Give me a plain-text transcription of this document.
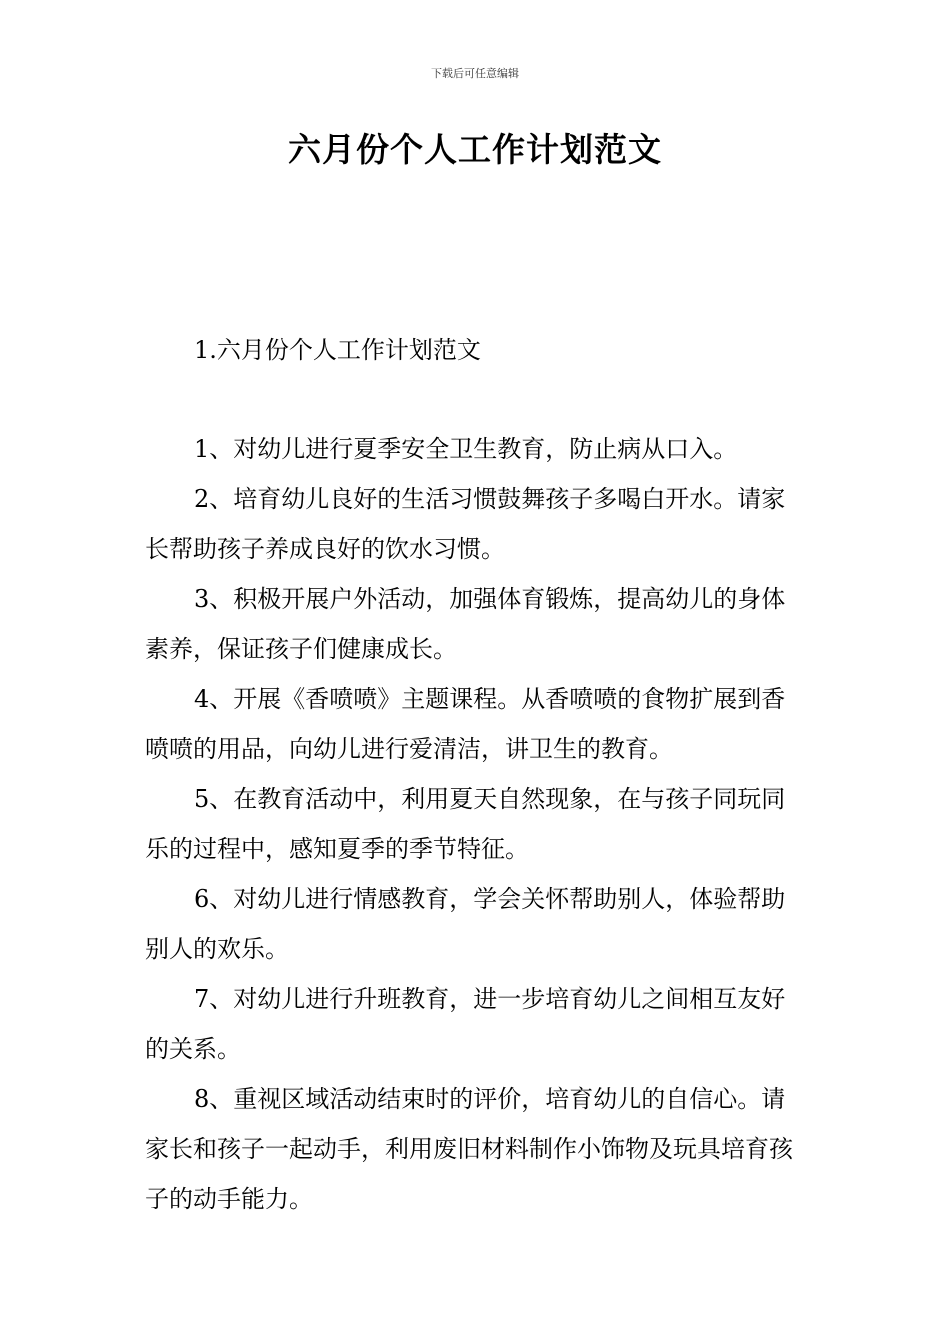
下载后可任意编辑
六月份个人工作计划范文
1.六月份个人工作计划范文
1、对幼儿进行夏季安全卫生教育，防止病从口入。
2、培育幼儿良好的生活习惯鼓舞孩子多喝白开水。请家长帮助孩子养成良好的饮水习惯。
3、积极开展户外活动，加强体育锻炼，提高幼儿的身体素养，保证孩子们健康成长。
4、开展《香喷喷》主题课程。从香喷喷的食物扩展到香喷喷的用品，向幼儿进行爱清洁，讲卫生的教育。
5、在教育活动中，利用夏天自然现象，在与孩子同玩同乐的过程中，感知夏季的季节特征。
6、对幼儿进行情感教育，学会关怀帮助别人，体验帮助别人的欢乐。
7、对幼儿进行升班教育，进一步培育幼儿之间相互友好的关系。
8、重视区域活动结束时的评价，培育幼儿的自信心。请家长和孩子一起动手，利用废旧材料制作小饰物及玩具培育孩子的动手能力。
